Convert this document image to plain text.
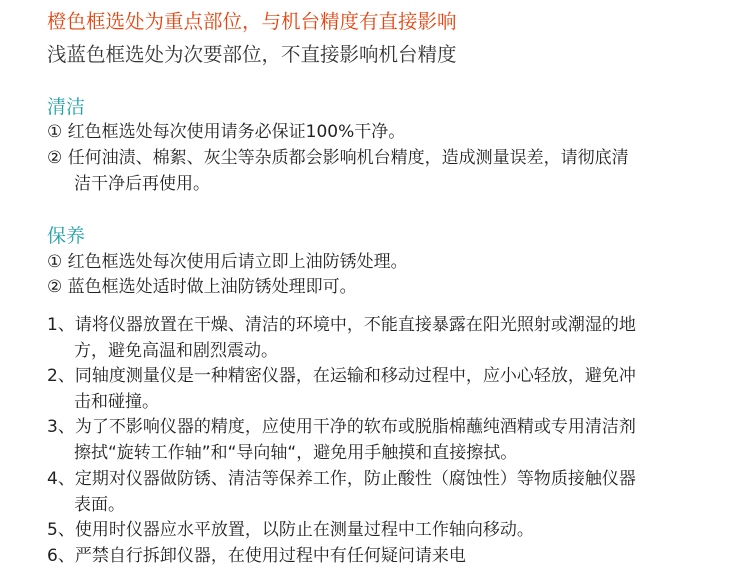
橙色框选处为重点部位，与机台精度有直接影响
浅蓝色框选处为次要部位，不直接影响机台精度
清洁
① 红色框选处每次使用请务必保证100%干净。
② 任何油渍、棉絮、灰尘等杂质都会影响机台精度，造成测量误差，请彻底清
洁干净后再使用。
保养
① 红色框选处每次使用后请立即上油防锈处理。
② 蓝色框选处适时做上油防锈处理即可。
1、请将仪器放置在干燥、清洁的环境中，不能直接暴露在阳光照射或潮湿的地
方，避免高温和剧烈震动。
2、同轴度测量仪是一种精密仪器，在运输和移动过程中，应小心轻放，避免冲
击和碰撞。
3、为了不影响仪器的精度，应使用干净的软布或脱脂棉蘸纯酒精或专用清洁剂
擦拭“旋转工作轴”和“导向轴“，避免用手触摸和直接擦拭。
4、定期对仪器做防锈、清洁等保养工作，防止酸性（腐蚀性）等物质接触仪器
表面。
5、使用时仪器应水平放置，以防止在测量过程中工作轴向移动。
6、严禁自行拆卸仪器，在使用过程中有任何疑问请来电
